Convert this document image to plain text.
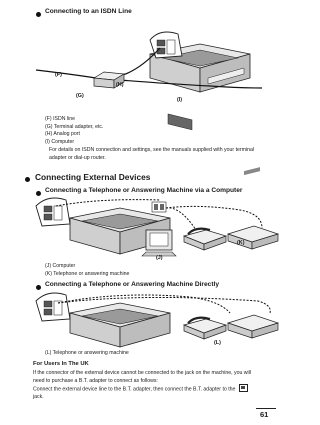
Connecting to an ISDN Line
(F)
(H)
(G)
(I)
(F) ISDN line
(G) Terminal adapter, etc.
(H) Analog port
(I) Computer
For details on ISDN connection and settings, see the manuals supplied with your terminal
adapter or dial-up router.
Connecting External Devices
Connecting a Telephone or Answering Machine via a Computer
(J)
(K)
(J) Computer
(K) Telephone or answering machine
Connecting a Telephone or Answering Machine Directly
(L)
(L) Telephone or answering machine
For Users In The UK
If the connector of the external device cannot be connected to the jack on the machine, you will
need to purchase a B.T. adapter to connect as follows:
Connect the external device line to the B.T. adapter, then connect the B.T. adapter to the
jack.
61
